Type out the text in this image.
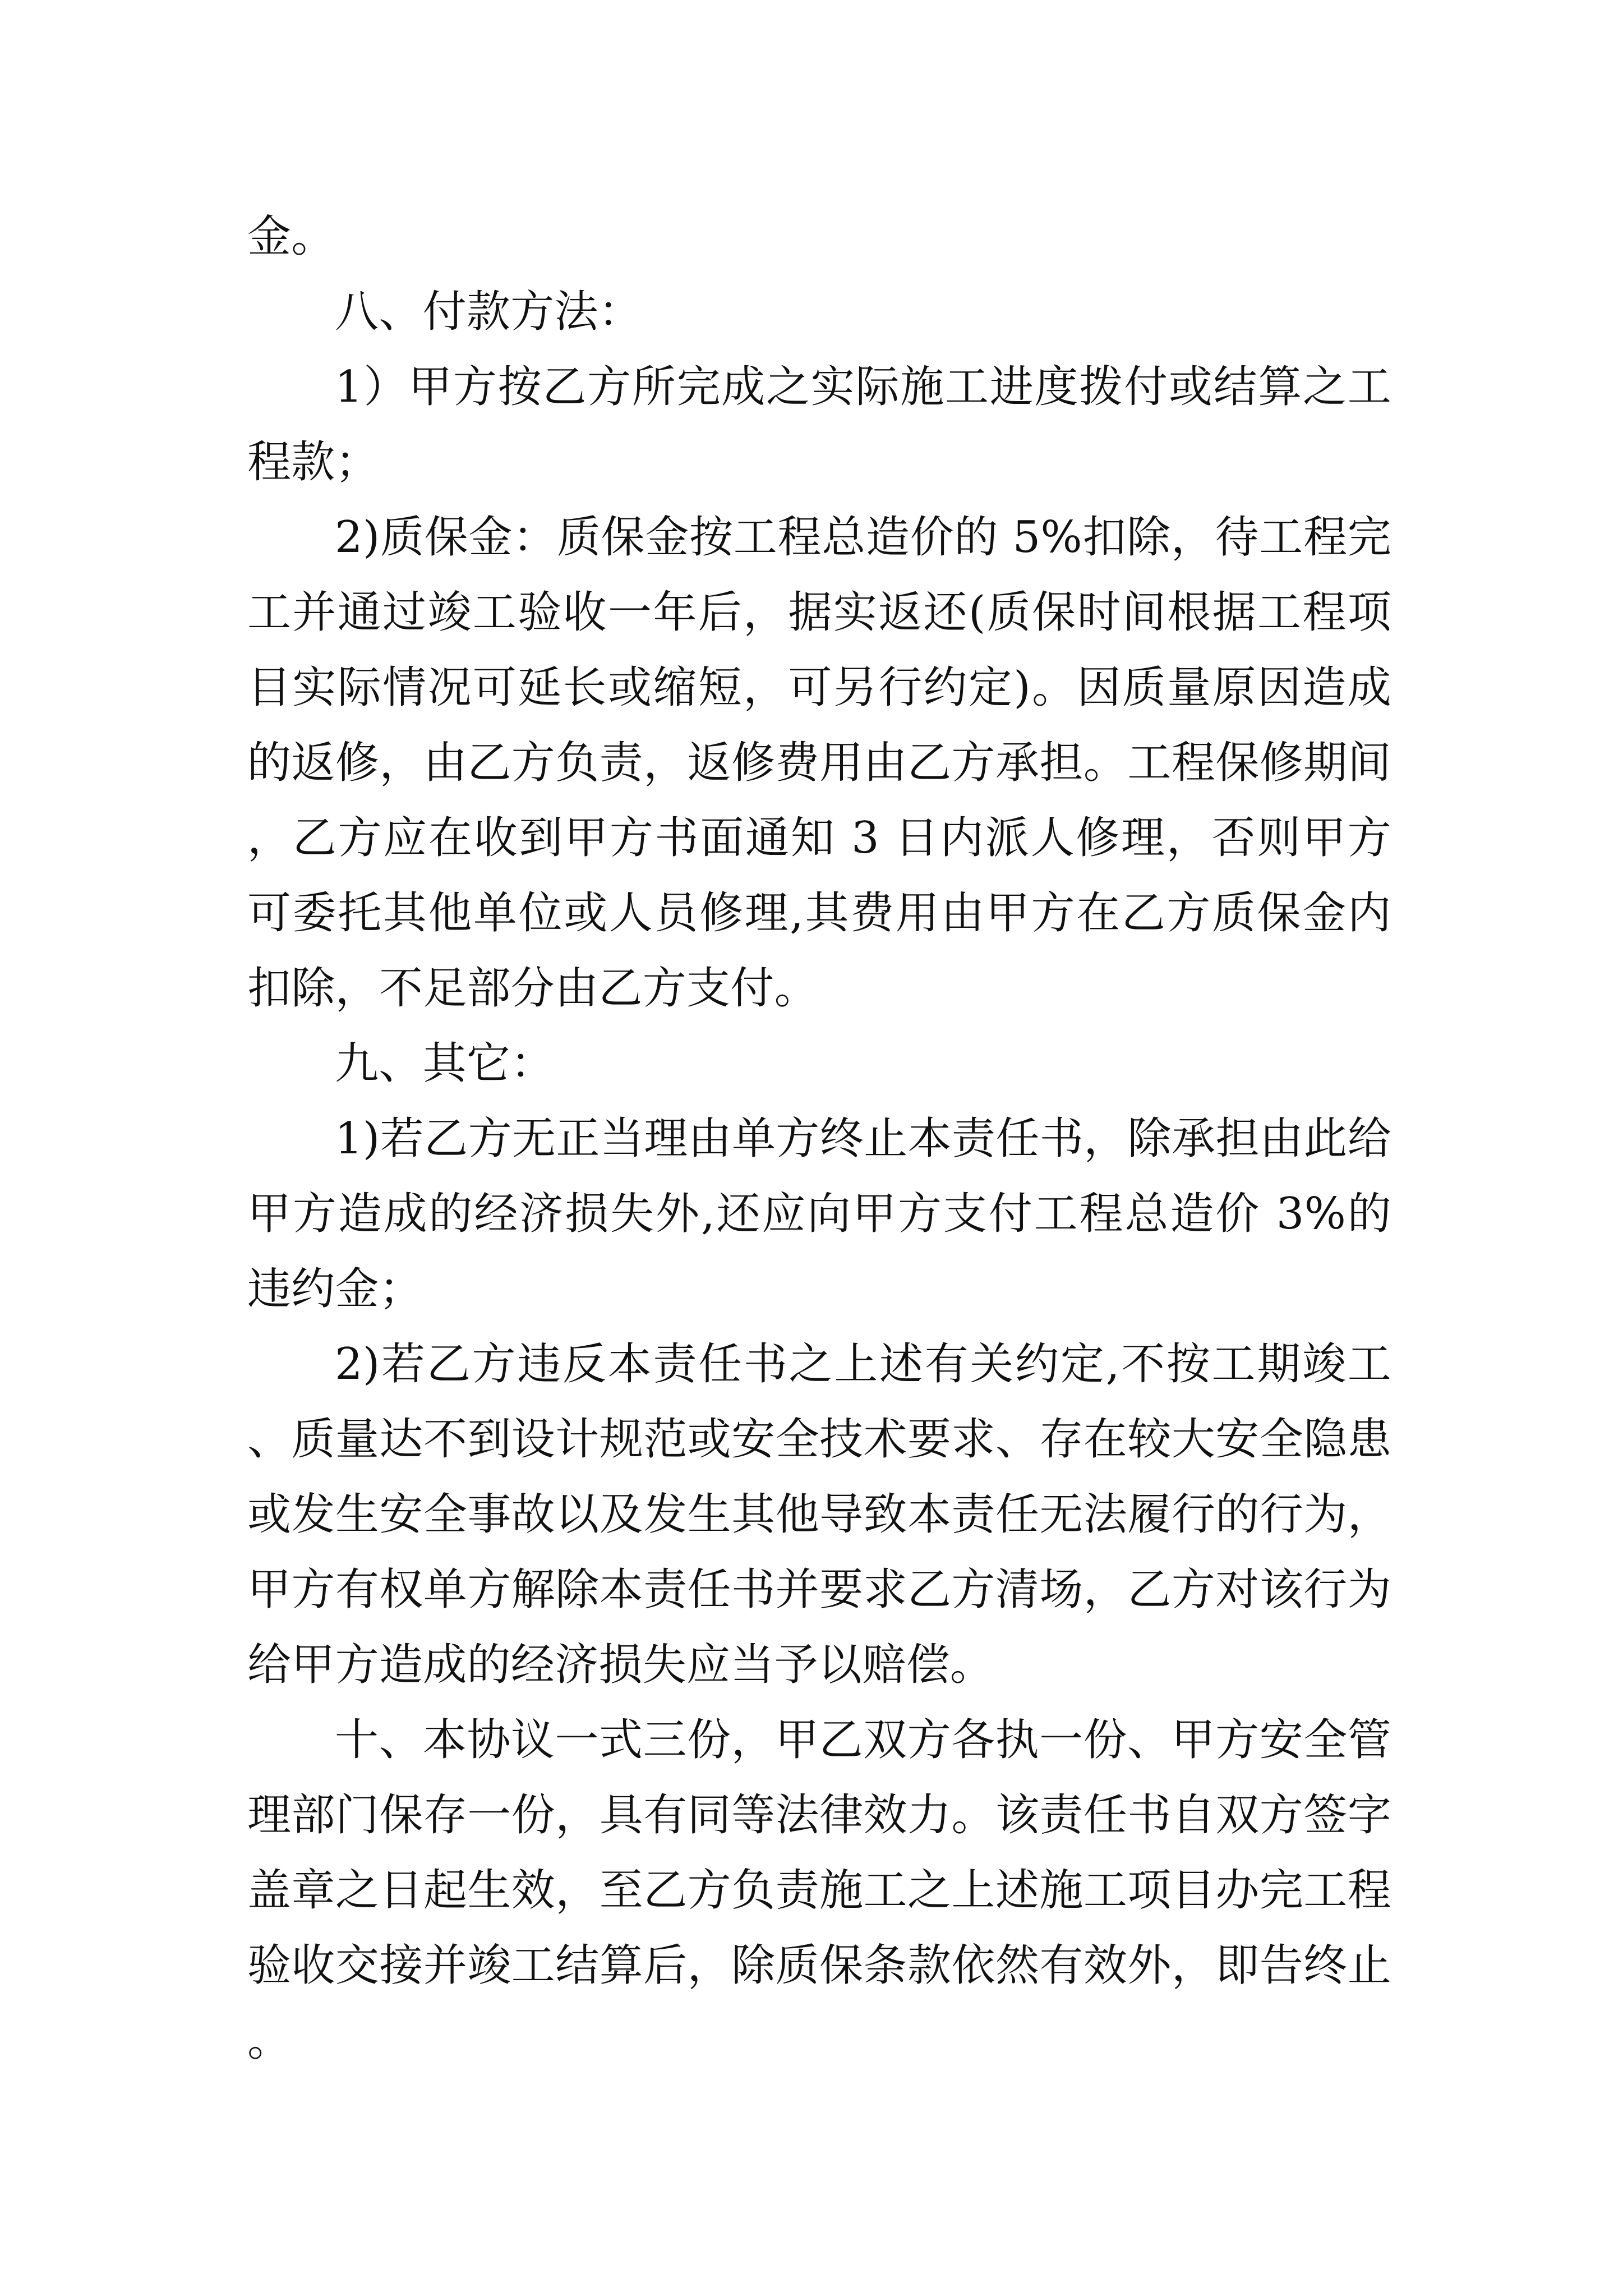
金。

八、付款方法：

1）甲方按乙方所完成之实际施工进度拨付或结算之工程款；

2)质保金：质保金按工程总造价的 5%扣除，待工程完工并通过竣工验收一年后，据实返还(质保时间根据工程项目实际情况可延长或缩短，可另行约定)。因质量原因造成的返修，由乙方负责，返修费用由乙方承担。工程保修期间，乙方应在收到甲方书面通知 3 日内派人修理，否则甲方可委托其他单位或人员修理,其费用由甲方在乙方质保金内扣除，不足部分由乙方支付。

九、其它：

1)若乙方无正当理由单方终止本责任书，除承担由此给甲方造成的经济损失外,还应向甲方支付工程总造价 3%的违约金；

2)若乙方违反本责任书之上述有关约定,不按工期竣工、质量达不到设计规范或安全技术要求、存在较大安全隐患或发生安全事故以及发生其他导致本责任无法履行的行为，甲方有权单方解除本责任书并要求乙方清场，乙方对该行为给甲方造成的经济损失应当予以赔偿。

十、本协议一式三份，甲乙双方各执一份、甲方安全管理部门保存一份，具有同等法律效力。该责任书自双方签字盖章之日起生效，至乙方负责施工之上述施工项目办完工程验收交接并竣工结算后，除质保条款依然有效外，即告终止。
